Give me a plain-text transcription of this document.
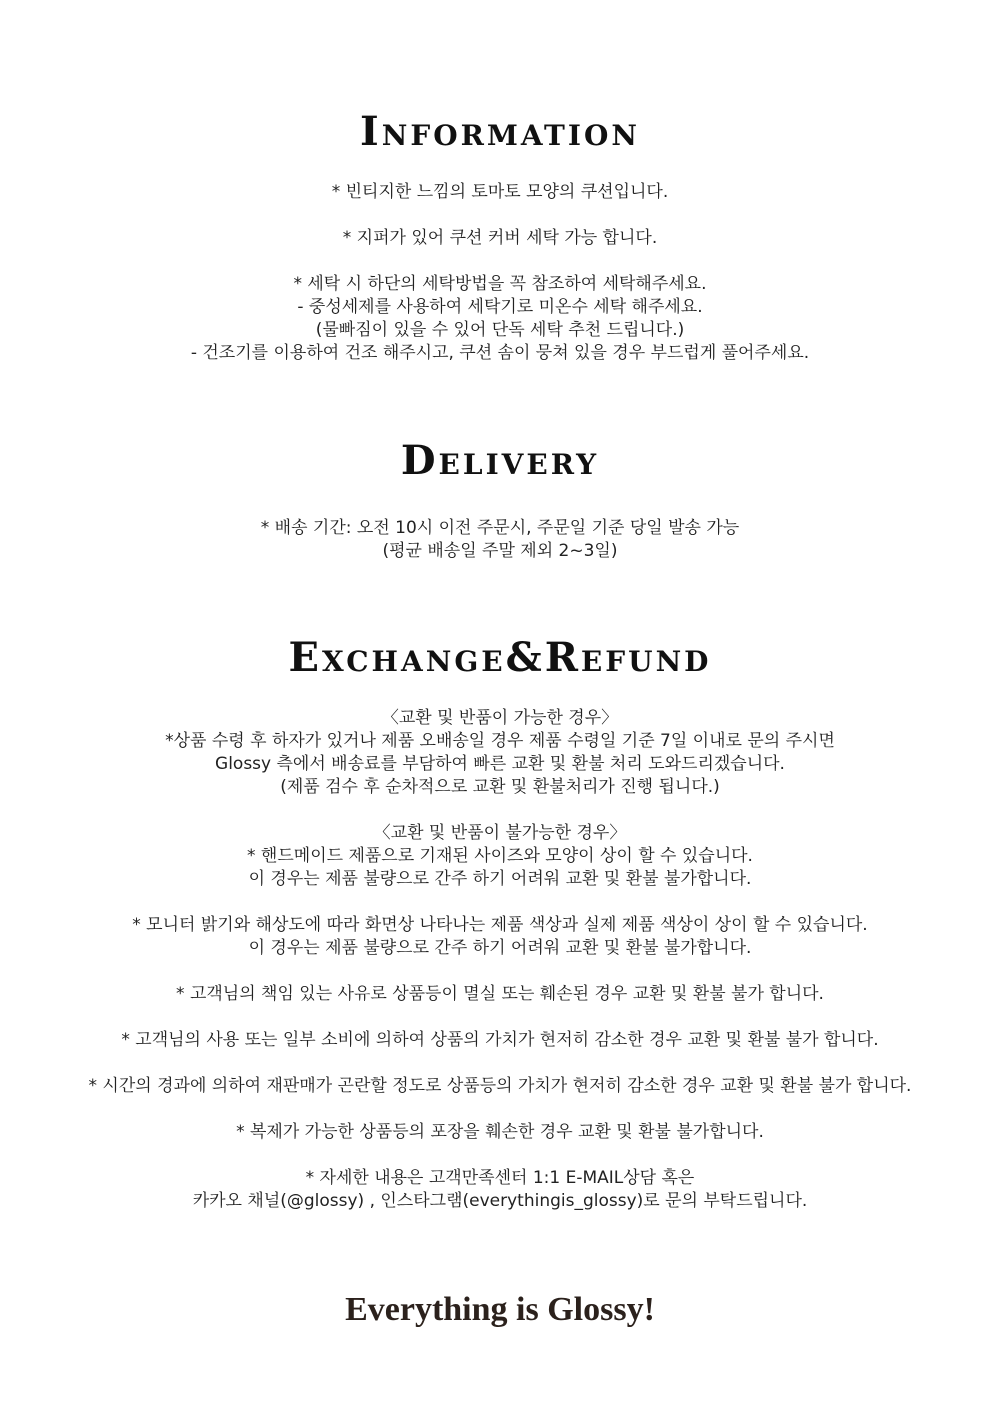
Information
* 빈티지한 느낌의 토마토 모양의 쿠션입니다.
* 지퍼가 있어 쿠션 커버 세탁 가능 합니다.
* 세탁 시 하단의 세탁방법을 꼭 참조하여 세탁해주세요.
- 중성세제를 사용하여 세탁기로 미온수 세탁 해주세요.
(물빠짐이 있을 수 있어 단독 세탁 추천 드립니다.)
- 건조기를 이용하여 건조 해주시고, 쿠션 솜이 뭉쳐 있을 경우 부드럽게 풀어주세요.
Delivery
* 배송 기간: 오전 10시 이전 주문시, 주문일 기준 당일 발송 가능
(평균 배송일 주말 제외 2~3일)
Exchange&Refund
〈교환 및 반품이 가능한 경우〉
*상품 수령 후 하자가 있거나 제품 오배송일 경우 제품 수령일 기준 7일 이내로 문의 주시면
Glossy 측에서 배송료를 부담하여 빠른 교환 및 환불 처리 도와드리겠습니다.
(제품 검수 후 순차적으로 교환 및 환불처리가 진행 됩니다.)
〈교환 및 반품이 불가능한 경우〉
* 핸드메이드 제품으로 기재된 사이즈와 모양이 상이 할 수 있습니다.
이 경우는 제품 불량으로 간주 하기 어려워 교환 및 환불 불가합니다.
* 모니터 밝기와 해상도에 따라 화면상 나타나는 제품 색상과 실제 제품 색상이 상이 할 수 있습니다.
이 경우는 제품 불량으로 간주 하기 어려워 교환 및 환불 불가합니다.
* 고객님의 책임 있는 사유로 상품등이 멸실 또는 훼손된 경우 교환 및 환불 불가 합니다.
* 고객님의 사용 또는 일부 소비에 의하여 상품의 가치가 현저히 감소한 경우 교환 및 환불 불가 합니다.
* 시간의 경과에 의하여 재판매가 곤란할 정도로 상품등의 가치가 현저히 감소한 경우 교환 및 환불 불가 합니다.
* 복제가 가능한 상품등의 포장을 훼손한 경우 교환 및 환불 불가합니다.
* 자세한 내용은 고객만족센터 1:1 E-MAIL상담 혹은
카카오 채널(@glossy) , 인스타그램(everythingis_glossy)로 문의 부탁드립니다.

Everything is Glossy!
